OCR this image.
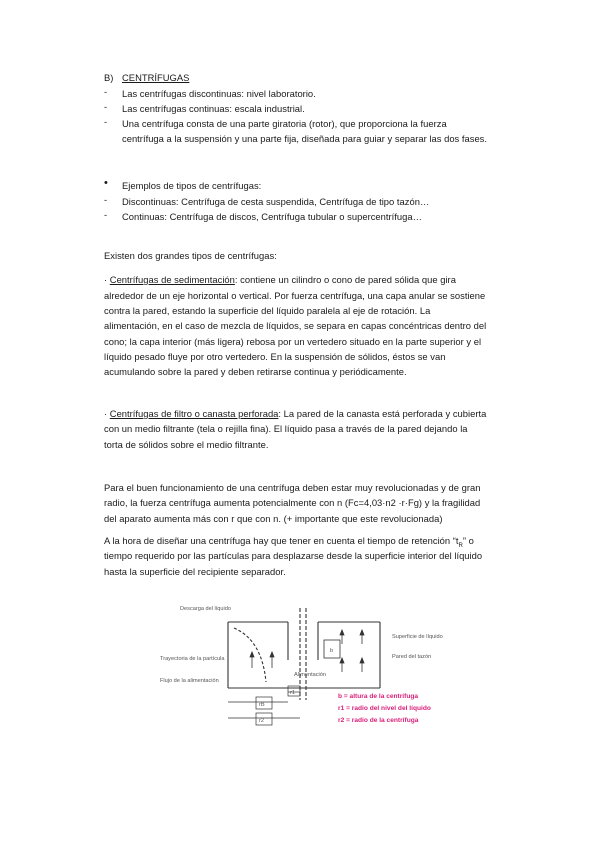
B) CENTRÍFUGAS
- Las centrífugas discontinuas: nivel laboratorio.
- Las centrífugas continuas: escala industrial.
- Una centrífuga consta de una parte giratoria (rotor), que proporciona la fuerza
centrífuga a la suspensión y una parte fija, diseñada para guiar y separar las dos fases.
• Ejemplos de tipos de centrífugas:
- Discontinuas: Centrífuga de cesta suspendida, Centrífuga de tipo tazón…
- Continuas: Centrífuga de discos, Centrífuga tubular o supercentrífuga…
Existen dos grandes tipos de centrífugas:
· Centrífugas de sedimentación: contiene un cilindro o cono de pared sólida que gira
alrededor de un eje horizontal o vertical. Por fuerza centrífuga, una capa anular se sostiene
contra la pared, estando la superficie del líquido paralela al eje de rotación. La
alimentación, en el caso de mezcla de líquidos, se separa en capas concéntricas dentro del
cono; la capa interior (más ligera) rebosa por un vertedero situado en la parte superior y el
líquido pesado fluye por otro vertedero. En la suspensión de sólidos, éstos se van
acumulando sobre la pared y deben retirarse continua y periódicamente.
· Centrífugas de filtro o canasta perforada: La pared de la canasta está perforada y cubierta
con un medio filtrante (tela o rejilla fina). El líquido pasa a través de la pared dejando la
torta de sólidos sobre el medio filtrante.
Para el buen funcionamiento de una centrífuga deben estar muy revolucionadas y de gran
radio, la fuerza centrífuga aumenta potencialmente con n (Fc=4,03·n2 ·r·Fg) y la fragilidad
del aparato aumenta más con r que con n. (+ importante que este revolucionada)
A la hora de diseñar una centrífuga hay que tener en cuenta el tiempo de retención “$t_R$” o
tiempo requerido por las partículas para desplazarse desde la superficie interior del líquido
hasta la superficie del recipiente separador.
Descarga del líquido
Superficie de líquido
Pared del tazón
Trayectoria de la partícula
Flujo de la alimentación
Alimentación
b
r1
rB
r2
b = altura de la centrífuga
r1 = radio del nivel del líquido
r2 = radio de la centrífuga
